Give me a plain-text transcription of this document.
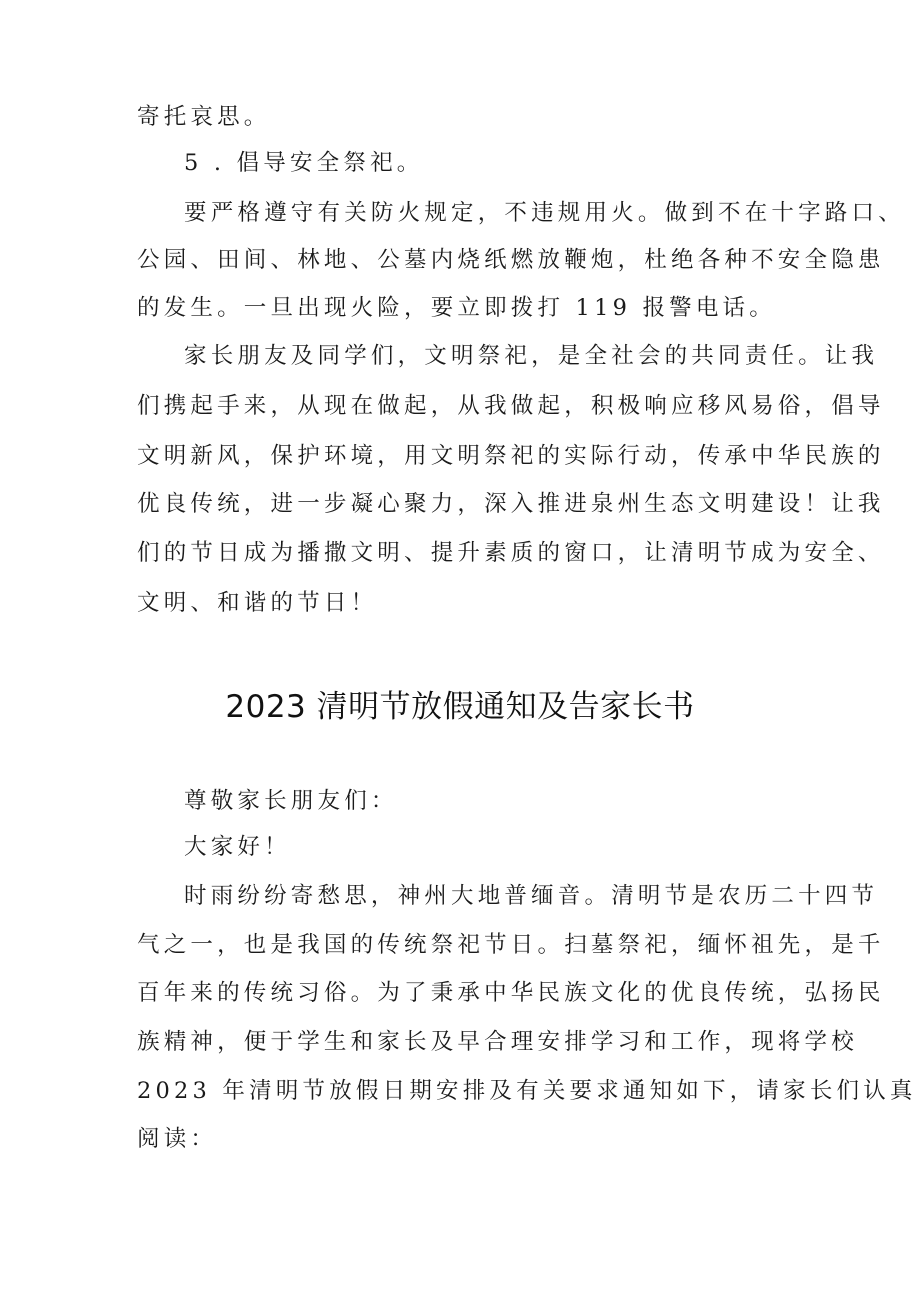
寄托哀思。
5 . 倡导安全祭祀。
要严格遵守有关防火规定，不违规用火。做到不在十字路口、
公园、田间、林地、公墓内烧纸燃放鞭炮，杜绝各种不安全隐患
的发生。一旦出现火险，要立即拨打 119 报警电话。
家长朋友及同学们，文明祭祀，是全社会的共同责任。让我
们携起手来，从现在做起，从我做起，积极响应移风易俗，倡导
文明新风，保护环境，用文明祭祀的实际行动，传承中华民族的
优良传统，进一步凝心聚力，深入推进泉州生态文明建设！让我
们的节日成为播撒文明、提升素质的窗口，让清明节成为安全、
文明、和谐的节日！
2023 清明节放假通知及告家长书
尊敬家长朋友们：
大家好！
时雨纷纷寄愁思，神州大地普缅音。清明节是农历二十四节
气之一，也是我国的传统祭祀节日。扫墓祭祀，缅怀祖先，是千
百年来的传统习俗。为了秉承中华民族文化的优良传统，弘扬民
族精神，便于学生和家长及早合理安排学习和工作，现将学校
2023 年清明节放假日期安排及有关要求通知如下，请家长们认真
阅读：
